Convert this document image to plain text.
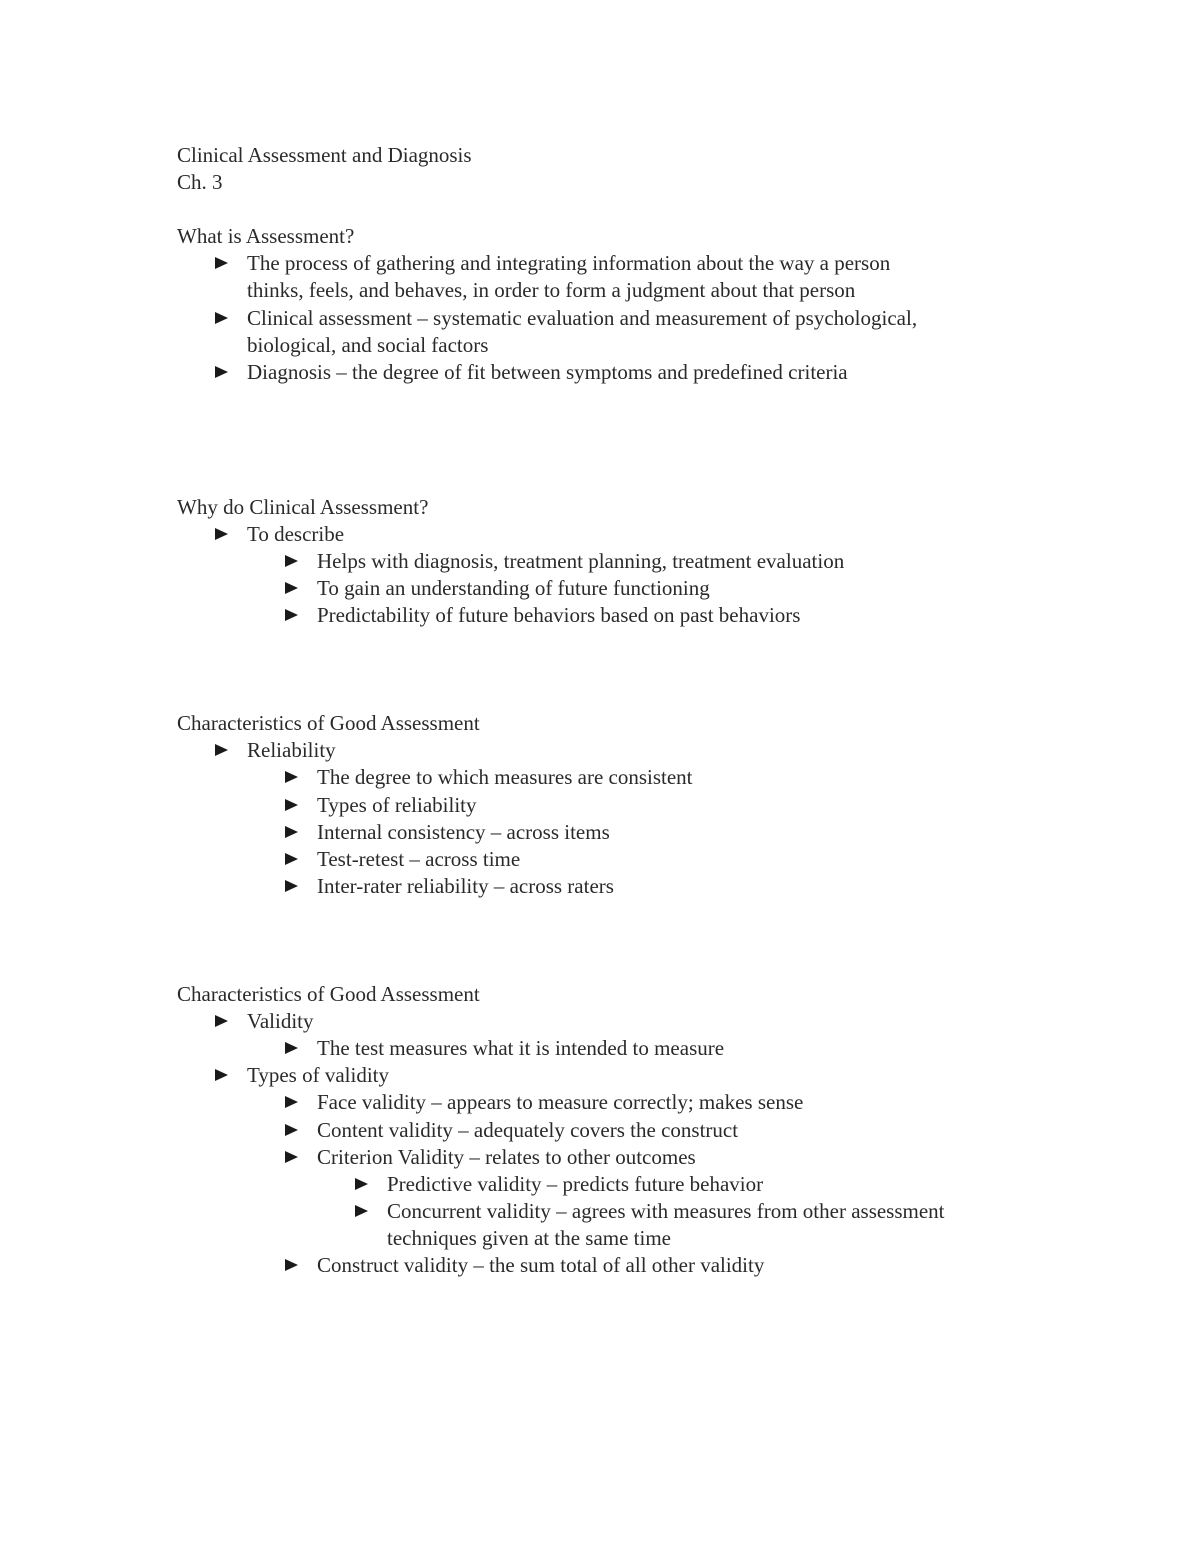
Clinical Assessment and Diagnosis
Ch. 3
What is Assessment?
The process of gathering and integrating information about the way a person
thinks, feels, and behaves, in order to form a judgment about that person
Clinical assessment – systematic evaluation and measurement of psychological,
biological, and social factors
Diagnosis – the degree of fit between symptoms and predefined criteria
Why do Clinical Assessment?
To describe
Helps with diagnosis, treatment planning, treatment evaluation
To gain an understanding of future functioning
Predictability of future behaviors based on past behaviors
Characteristics of Good Assessment
Reliability
The degree to which measures are consistent
Types of reliability
Internal consistency – across items
Test-retest – across time
Inter-rater reliability – across raters
Characteristics of Good Assessment
Validity
The test measures what it is intended to measure
Types of validity
Face validity – appears to measure correctly; makes sense
Content validity – adequately covers the construct
Criterion Validity – relates to other outcomes
Predictive validity – predicts future behavior
Concurrent validity – agrees with measures from other assessment
techniques given at the same time
Construct validity – the sum total of all other validity
